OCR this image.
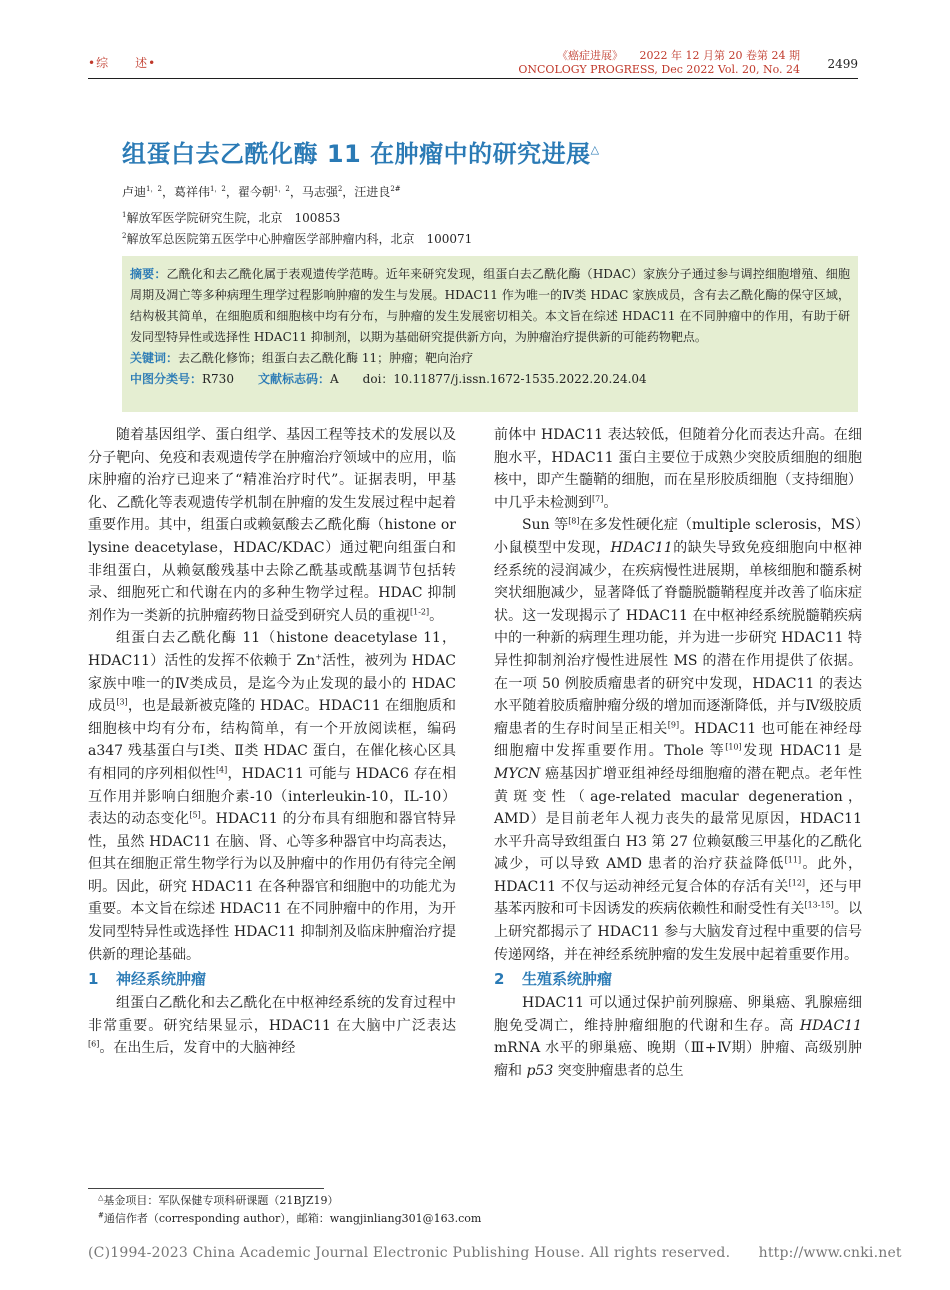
•综　　述•
《癌症进展》　　2022 年 12 月第 20 卷第 24 期
ONCOLOGY PROGRESS, Dec 2022 Vol. 20, No. 24 2499
组蛋白去乙酰化酶 11 在肿瘤中的研究进展△
卢迪$^{1,2}$，葛祥伟$^{1,2}$，翟今朝$^{1,2}$，马志强$^2$，汪进良$^{2\#}$
$^1$解放军医学院研究生院，北京　100853
$^2$解放军总医院第五医学中心肿瘤医学部肿瘤内科，北京　100071
摘要：乙酰化和去乙酰化属于表观遗传学范畴。近年来研究发现，组蛋白去乙酰化酶（HDAC）家族分子通过参与调控细胞增殖、细胞周期及凋亡等多种病理生理学过程影响肿瘤的发生与发展。HDAC11 作为唯一的Ⅳ类 HDAC 家族成员，含有去乙酰化酶的保守区域，结构极其简单，在细胞质和细胞核中均有分布，与肿瘤的发生发展密切相关。本文旨在综述 HDAC11 在不同肿瘤中的作用，有助于研发同型特异性或选择性 HDAC11 抑制剂，以期为基础研究提供新方向，为肿瘤治疗提供新的可能药物靶点。
关键词：去乙酰化修饰；组蛋白去乙酰化酶 11；肿瘤；靶向治疗
中图分类号：R730 文献标志码：A doi：10.11877/j.issn.1672-1535.2022.20.24.04

随着基因组学、蛋白组学、基因工程等技术的发展以及分子靶向、免疫和表观遗传学在肿瘤治疗领域中的应用，临床肿瘤的治疗已迎来了“精准治疗时代”。证据表明，甲基化、乙酰化等表观遗传学机制在肿瘤的发生发展过程中起着重要作用。其中，组蛋白或赖氨酸去乙酰化酶（histone or lysine deacetylase，HDAC/KDAC）通过靶向组蛋白和非组蛋白，从赖氨酸残基中去除乙酰基或酰基调节包括转录、细胞死亡和代谢在内的多种生物学过程。HDAC 抑制剂作为一类新的抗肿瘤药物日益受到研究人员的重视[1-2]。

组蛋白去乙酰化酶 11（histone deacetylase 11，HDAC11）活性的发挥不依赖于 Zn+活性，被列为 HDAC 家族中唯一的Ⅳ类成员，是迄今为止发现的最小的 HDAC 成员[3]，也是最新被克隆的 HDAC。HDAC11 在细胞质和细胞核中均有分布，结构简单，有一个开放阅读框，编码 a347 残基蛋白与Ⅰ类、Ⅱ类 HDAC 蛋白，在催化核心区具有相同的序列相似性[4]，HDAC11 可能与 HDAC6 存在相互作用并影响白细胞介素-10（interleukin-10，IL-10）表达的动态变化[5]。HDAC11 的分布具有细胞和器官特异性，虽然 HDAC11 在脑、肾、心等多种器官中均高表达，但其在细胞正常生物学行为以及肿瘤中的作用仍有待完全阐明。因此，研究 HDAC11 在各种器官和细胞中的功能尤为重要。本文旨在综述 HDAC11 在不同肿瘤中的作用，为开发同型特异性或选择性 HDAC11 抑制剂及临床肿瘤治疗提供新的理论基础。

1 神经系统肿瘤

组蛋白乙酰化和去乙酰化在中枢神经系统的发育过程中非常重要。研究结果显示，HDAC11 在大脑中广泛表达[6]。在出生后，发育中的大脑神经

前体中 HDAC11 表达较低，但随着分化而表达升高。在细胞水平，HDAC11 蛋白主要位于成熟少突胶质细胞的细胞核中，即产生髓鞘的细胞，而在星形胶质细胞（支持细胞）中几乎未检测到[7]。

Sun 等[8]在多发性硬化症（multiple sclerosis，MS）小鼠模型中发现，HDAC11的缺失导致免疫细胞向中枢神经系统的浸润减少，在疾病慢性进展期，单核细胞和髓系树突状细胞减少，显著降低了脊髓脱髓鞘程度并改善了临床症状。这一发现揭示了 HDAC11 在中枢神经系统脱髓鞘疾病中的一种新的病理生理功能，并为进一步研究 HDAC11 特异性抑制剂治疗慢性进展性 MS 的潜在作用提供了依据。在一项 50 例胶质瘤患者的研究中发现，HDAC11 的表达水平随着胶质瘤肿瘤分级的增加而逐渐降低，并与Ⅳ级胶质瘤患者的生存时间呈正相关[9]。HDAC11 也可能在神经母细胞瘤中发挥重要作用。Thole 等[10]发现 HDAC11 是 MYCN 癌基因扩增亚组神经母细胞瘤的潜在靶点。老年性黄斑变性（age-related macular degeneration，AMD）是目前老年人视力丧失的最常见原因，HDAC11 水平升高导致组蛋白 H3 第 27 位赖氨酸三甲基化的乙酰化减少，可以导致 AMD 患者的治疗获益降低[11]。此外，HDAC11 不仅与运动神经元复合体的存活有关[12]，还与甲基苯丙胺和可卡因诱发的疾病依赖性和耐受性有关[13-15]。以上研究都揭示了 HDAC11 参与大脑发育过程中重要的信号传递网络，并在神经系统肿瘤的发生发展中起着重要作用。

2 生殖系统肿瘤

HDAC11 可以通过保护前列腺癌、卵巢癌、乳腺癌细胞免受凋亡，维持肿瘤细胞的代谢和生存。高 HDAC11 mRNA 水平的卵巢癌、晚期（Ⅲ+Ⅳ期）肿瘤、高级别肿瘤和 p53 突变肿瘤患者的总生

△基金项目：军队保健专项科研课题（21BJZ19）
#通信作者（corresponding author），邮箱：wangjinliang301@163.com
(C)1994-2023 China Academic Journal Electronic Publishing House. All rights reserved.　　http://www.cnki.net
